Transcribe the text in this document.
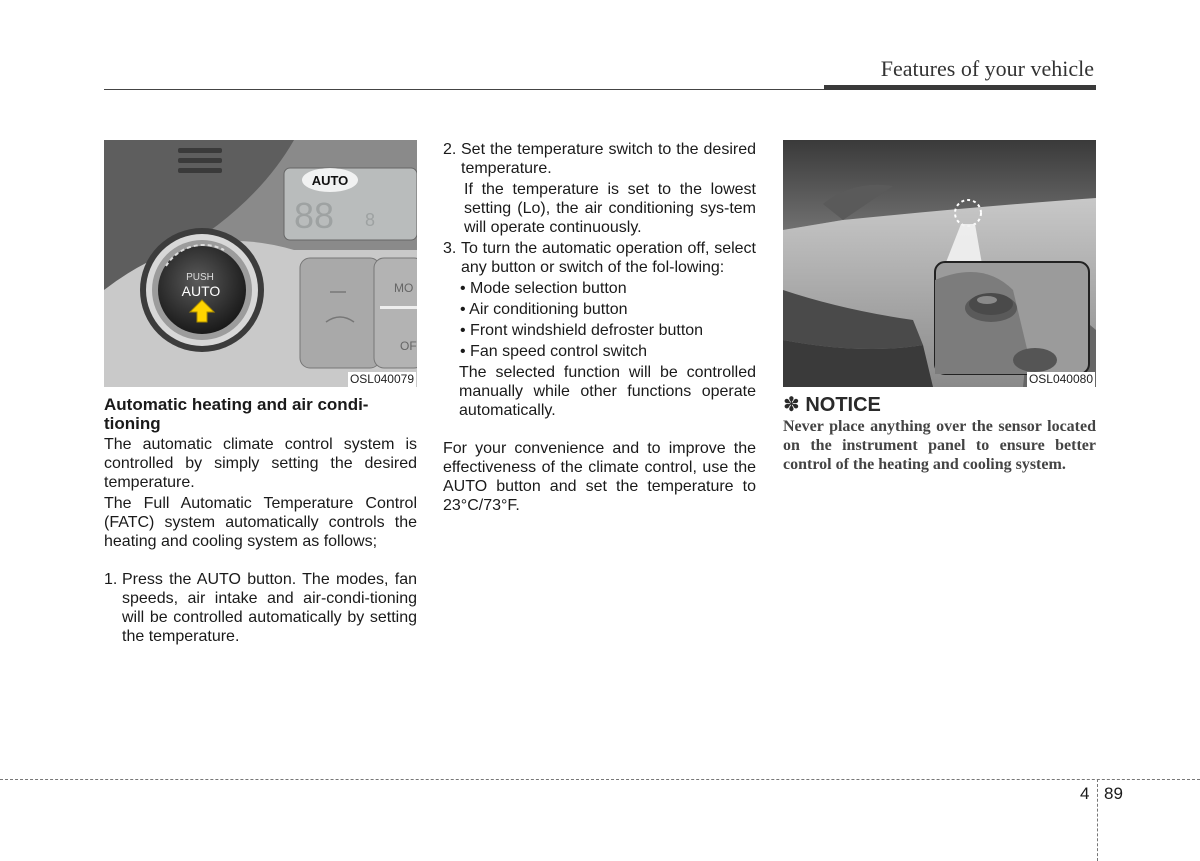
Features of your vehicle
AUTO
88 8
MO
OF
PUSH
AUTO
OSL040079
Automatic heating and air condi-tioning

The automatic climate control system is controlled by simply setting the desired temperature.

The Full Automatic Temperature Control (FATC) system automatically controls the heating and cooling system as follows;

1. Press the AUTO button. The modes, fan speeds, air intake and air-condi-tioning will be controlled automatically by setting the temperature.
2. Set the temperature switch to the desired temperature.
If the temperature is set to the lowest setting (Lo), the air conditioning sys-tem will operate continuously.
3. To turn the automatic operation off, select any button or switch of the fol-lowing:
• Mode selection button
• Air conditioning button
• Front windshield defroster button
• Fan speed control switch
The selected function will be controlled manually while other functions operate automatically.

For your convenience and to improve the effectiveness of the climate control, use the AUTO button and set the temperature to 23°C/73°F.

OSL040080
✽ NOTICE
Never place anything over the sensor located on the instrument panel to ensure better control of the heating and cooling system.
4 89
